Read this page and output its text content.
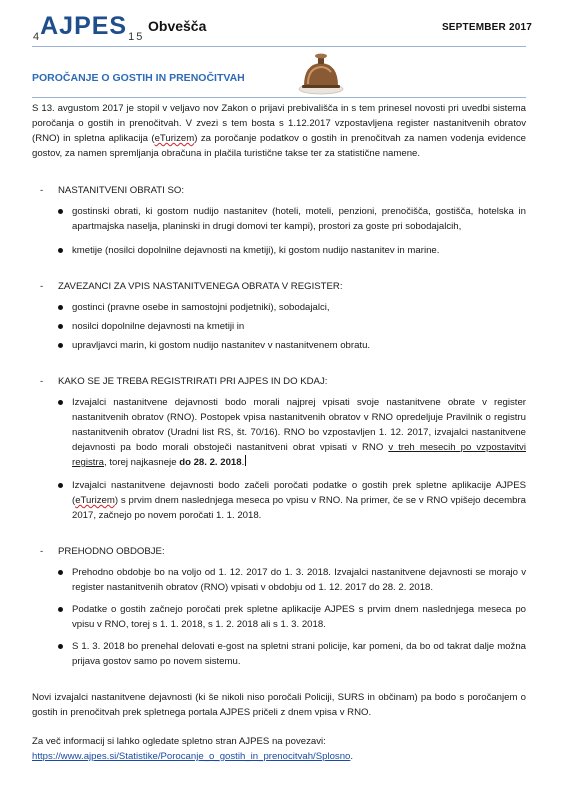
$_4AJPES_1$ $_5$
Obvešča	SEPTEMBER 2017
POROČANJE O GOSTIH IN PRENOČITVAH

S 13. avgustom 2017 je stopil v veljavo nov Zakon o prijavi prebivališča in s tem prinesel novosti pri uvedbi sistema poročanja o gostih in prenočitvah. V zvezi s tem bosta s 1.12.2017 vzpostavljena register nastanitvenih obratov (RNO) in spletna aplikacija (eTurizem) za poročanje podatkov o gostih in prenočitvah za namen vodenja evidence gostov, za namen spremljanja obračuna in plačila turistične takse ter za statistične namene.

- NASTANITVENI OBRATI SO:
gostinski obrati, ki gostom nudijo nastanitev (hoteli, moteli, penzioni, prenočišča, gostišča, hotelska in apartmajska naselja, planinski in drugi domovi ter kampi), prostori za goste pri sobodajalcih,
kmetije (nosilci dopolnilne dejavnosti na kmetiji), ki gostom nudijo nastanitev in marine.
- ZAVEZANCI ZA VPIS NASTANITVENEGA OBRATA V REGISTER:
gostinci (pravne osebe in samostojni podjetniki), sobodajalci,
nosilci dopolnilne dejavnosti na kmetiji in
upravljavci marin, ki gostom nudijo nastanitev v nastanitvenem obratu.
- KAKO SE JE TREBA REGISTRIRATI PRI AJPES IN DO KDAJ:
Izvajalci nastanitvene dejavnosti bodo morali najprej vpisati svoje nastanitvene obrate v register nastanitvenih obratov (RNO). Postopek vpisa nastanitvenih obratov v RNO opredeljuje Pravilnik o registru nastanitvenih obratov (Uradni list RS, št. 70/16). RNO bo vzpostavljen 1. 12. 2017, izvajalci nastanitvene dejavnosti pa bodo morali obstoječi nastanitveni obrat vpisati v RNO v treh mesecih po vzpostavitvi registra, torej najkasneje do 28. 2. 2018.
Izvajalci nastanitvene dejavnosti bodo začeli poročati podatke o gostih prek spletne aplikacije AJPES (eTurizem) s prvim dnem naslednjega meseca po vpisu v RNO. Na primer, če se v RNO vpišejo decembra 2017, začnejo po novem poročati 1. 1. 2018.
- PREHODNO OBDOBJE:
Prehodno obdobje bo na voljo od 1. 12. 2017 do 1. 3. 2018. Izvajalci nastanitvene dejavnosti se morajo v register nastanitvenih obratov (RNO) vpisati v obdobju od 1. 12. 2017 do 28. 2. 2018.
Podatke o gostih začnejo poročati prek spletne aplikacije AJPES s prvim dnem naslednjega meseca po vpisu v RNO, torej s 1. 1. 2018, s 1. 2. 2018 ali s 1. 3. 2018.
S 1. 3. 2018 bo prenehal delovati e-gost na spletni strani policije, kar pomeni, da bo od takrat dalje možna prijava gostov samo po novem sistemu.

Novi izvajalci nastanitvene dejavnosti (ki še nikoli niso poročali Policiji, SURS in občinam) pa bodo s poročanjem o gostih in prenočitvah prek spletnega portala AJPES pričeli z dnem vpisa v RNO.

Za več informacij si lahko ogledate spletno stran AJPES na povezavi:
https://www.ajpes.si/Statistike/Porocanje_o_gostih_in_prenocitvah/Splosno.
